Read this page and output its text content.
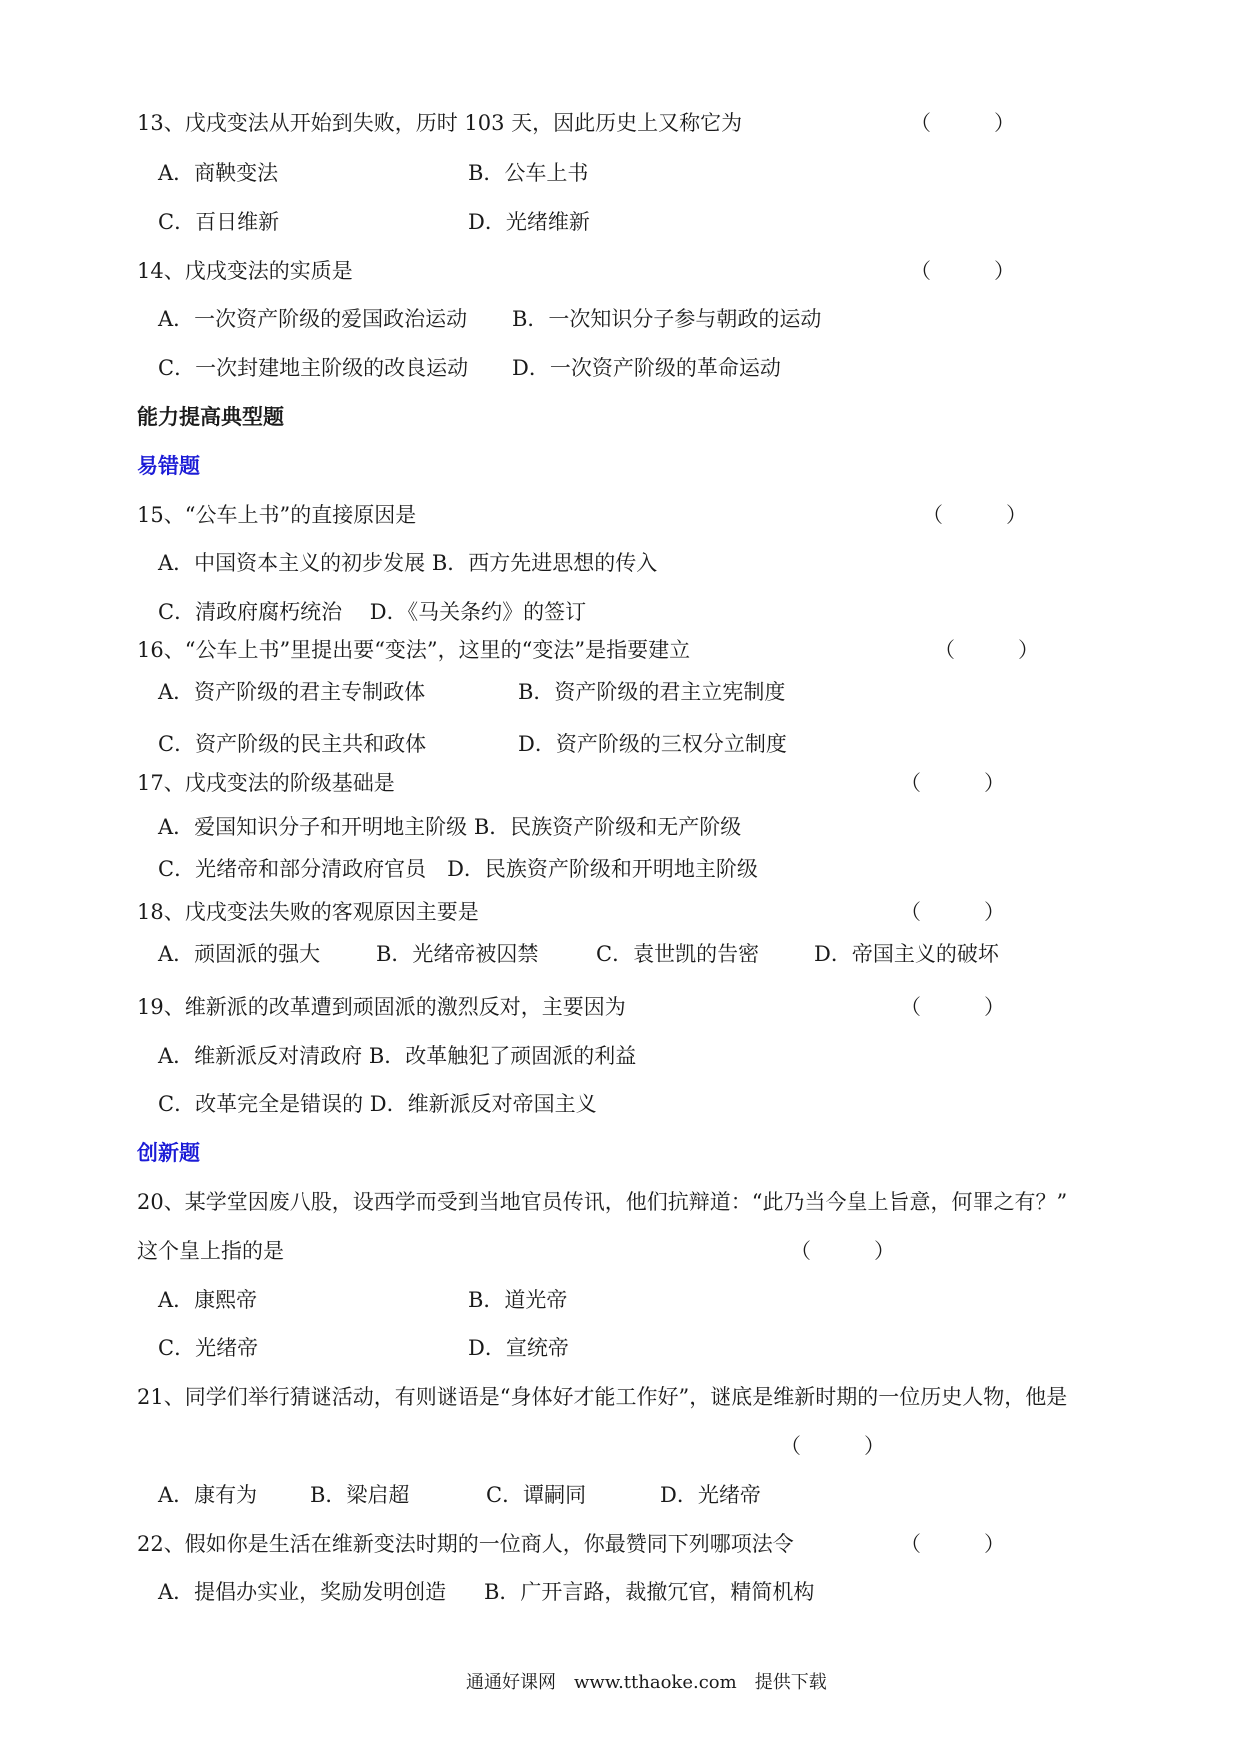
13、戊戌变法从开始到失败，历时 103 天，因此历史上又称它为	（　　　）
A．商鞅变法	B．公车上书
C．百日维新	D．光绪维新
14、戊戌变法的实质是	（　　　）
A．一次资产阶级的爱国政治运动 B．一次知识分子参与朝政的运动
C．一次封建地主阶级的改良运动 D．一次资产阶级的革命运动
能力提高典型题
易错题
15、“公车上书”的直接原因是	（　　　）
A．中国资本主义的初步发展 B．西方先进思想的传入
C．清政府腐朽统治　 D．《马关条约》的签订
16、“公车上书”里提出要“变法”，这里的“变法”是指要建立	（　　　）
A．资产阶级的君主专制政体	B．资产阶级的君主立宪制度
C．资产阶级的民主共和政体	D．资产阶级的三权分立制度
17、戊戌变法的阶级基础是	（　　　）
A．爱国知识分子和开明地主阶级 B．民族资产阶级和无产阶级
C．光绪帝和部分清政府官员　D．民族资产阶级和开明地主阶级
18、戊戌变法失败的客观原因主要是	（　　　）
A．顽固派的强大	B．光绪帝被囚禁	C．袁世凯的告密	D．帝国主义的破坏
19、维新派的改革遭到顽固派的激烈反对，主要因为	（　　　）
A．维新派反对清政府 B．改革触犯了顽固派的利益
C．改革完全是错误的 D．维新派反对帝国主义
创新题
20、某学堂因废八股，设西学而受到当地官员传讯，他们抗辩道：“此乃当今皇上旨意，何罪之有？”
这个皇上指的是	（　　　）
A．康熙帝	B．道光帝
C．光绪帝	D．宣统帝
21、同学们举行猜谜活动，有则谜语是“身体好才能工作好”，谜底是维新时期的一位历史人物，他是
（　　　）
A．康有为	B．梁启超	C．谭嗣同	D．光绪帝
22、假如你是生活在维新变法时期的一位商人，你最赞同下列哪项法令	（　　　）
A．提倡办实业，奖励发明创造 B．广开言路，裁撤冗官，精简机构
通通好课网　www.tthaoke.com　提供下载
